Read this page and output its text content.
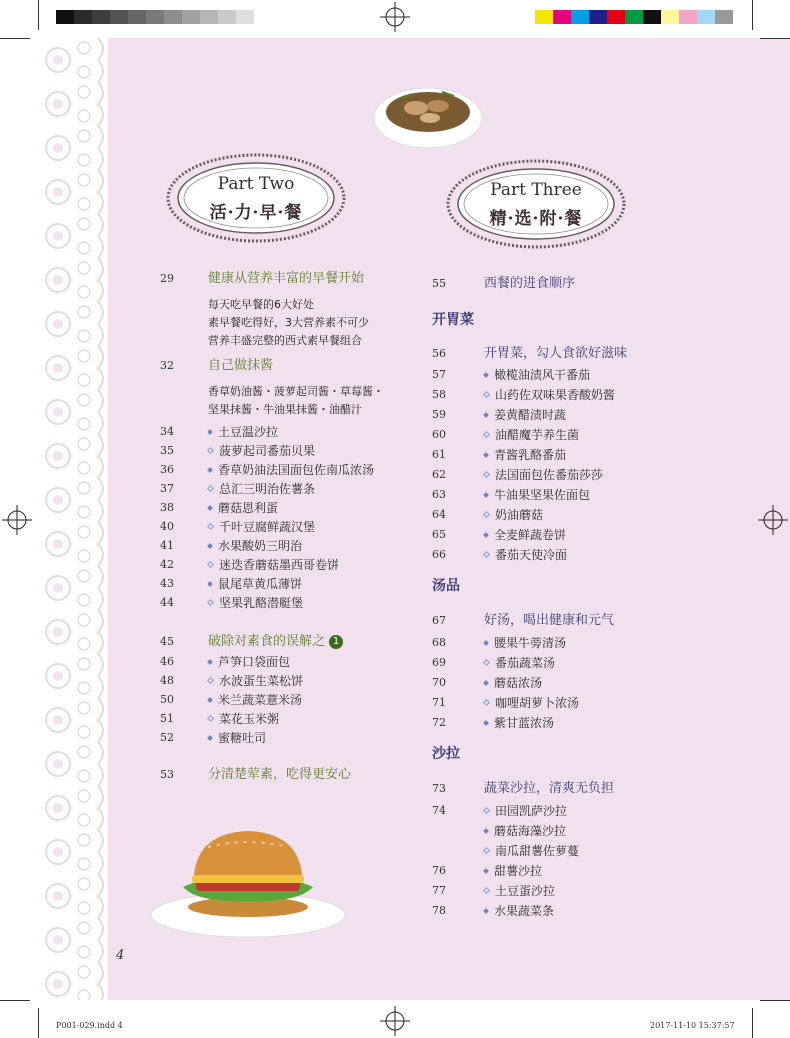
Part Two
活·力·早·餐
Part Three
精·选·附·餐
29	健康从营养丰富的早餐开始
每天吃早餐的6大好处
素早餐吃得好，3大营养素不可少
营养丰盛完整的西式素早餐组合
32	自己做抹酱
香草奶油酱・菠萝起司酱・草莓酱・
坚果抹酱・牛油果抹酱・油醋汁
34	土豆温沙拉
35	菠萝起司番茄贝果
36	香草奶油法国面包佐南瓜浓汤
37	总汇三明治佐薯条
38	蘑菇恩利蛋
40	千叶豆腐鲜蔬汉堡
41	水果酸奶三明治
42	迷迭香蘑菇墨西哥卷饼
43	鼠尾草黄瓜薄饼
44	坚果乳酪潜艇堡
45	破除对素食的误解之 1
46	芦笋口袋面包
48	水波蛋生菜松饼
50	米兰蔬菜薏米汤
51	菜花玉米粥
52	蜜糖吐司
53	分清楚荤素，吃得更安心
55	西餐的进食顺序
开胃菜
56	开胃菜，勾人食欲好滋味
57	橄榄油渍风干番茄
58	山药佐双味果香酸奶酱
59	姜黄醋渍时蔬
60	油醋魔芋养生菌
61	青酱乳酪番茄
62	法国面包佐番茄莎莎
63	牛油果坚果佐面包
64	奶油蘑菇
65	全麦鲜蔬卷饼
66	番茄天使冷面
汤品
67	好汤，喝出健康和元气
68	腰果牛蒡清汤
69	番茄蔬菜汤
70	蘑菇浓汤
71	咖哩胡萝卜浓汤
72	紫甘蓝浓汤
沙拉
73	蔬菜沙拉，清爽无负担
74	田园凯萨沙拉
蘑菇海藻沙拉
南瓜甜薯佐萝蔓
76	甜薯沙拉
77	土豆蛋沙拉
78	水果蔬菜条
4
P001-029.indd 4	2017-11-10 15:37:57
